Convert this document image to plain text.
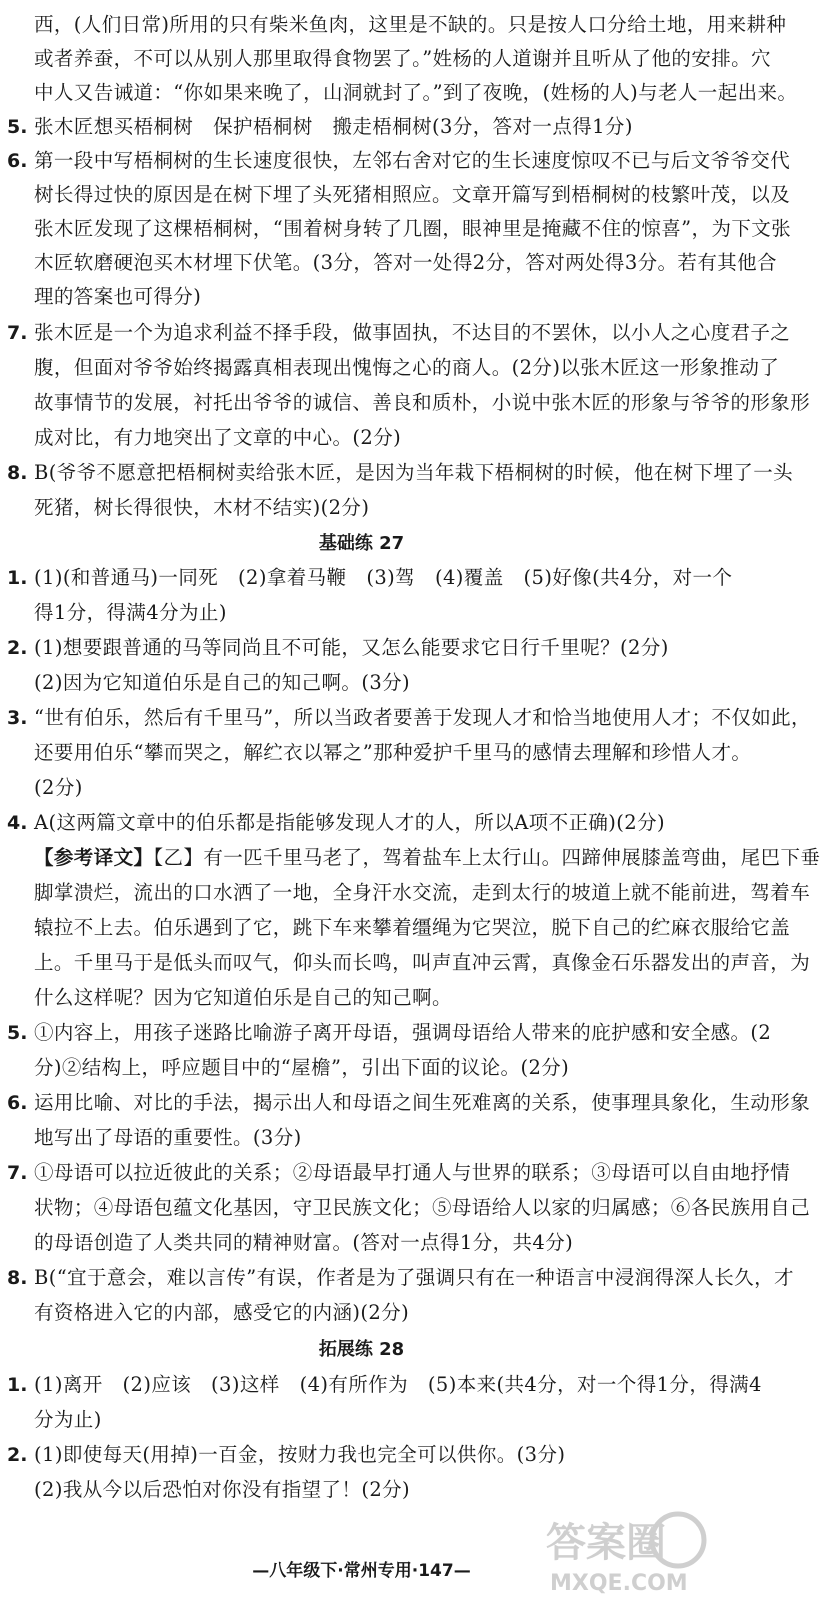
西，(人们日常)所用的只有柴米鱼肉，这里是不缺的。只是按人口分给土地，用来耕种
或者养蚕，不可以从别人那里取得食物罢了。”姓杨的人道谢并且听从了他的安排。穴
中人又告诫道：“你如果来晚了，山洞就封了。”到了夜晚，(姓杨的人)与老人一起出来。
5. 张木匠想买梧桐树　保护梧桐树　搬走梧桐树(3分，答对一点得1分)
6. 第一段中写梧桐树的生长速度很快，左邻右舍对它的生长速度惊叹不已与后文爷爷交代
树长得过快的原因是在树下埋了头死猪相照应。文章开篇写到梧桐树的枝繁叶茂，以及
张木匠发现了这棵梧桐树，“围着树身转了几圈，眼神里是掩藏不住的惊喜”，为下文张
木匠软磨硬泡买木材埋下伏笔。(3分，答对一处得2分，答对两处得3分。若有其他合
理的答案也可得分)
7. 张木匠是一个为追求利益不择手段，做事固执，不达目的不罢休，以小人之心度君子之
腹，但面对爷爷始终揭露真相表现出愧悔之心的商人。(2分)以张木匠这一形象推动了
故事情节的发展，衬托出爷爷的诚信、善良和质朴，小说中张木匠的形象与爷爷的形象形
成对比，有力地突出了文章的中心。(2分)
8. B(爷爷不愿意把梧桐树卖给张木匠，是因为当年栽下梧桐树的时候，他在树下埋了一头
死猪，树长得很快，木材不结实)(2分)
基础练 27
1. (1)(和普通马)一同死　(2)拿着马鞭　(3)驾　(4)覆盖　(5)好像(共4分，对一个
得1分，得满4分为止)
2. (1)想要跟普通的马等同尚且不可能，又怎么能要求它日行千里呢？(2分)
(2)因为它知道伯乐是自己的知己啊。(3分)
3. “世有伯乐，然后有千里马”，所以当政者要善于发现人才和恰当地使用人才；不仅如此，
还要用伯乐“攀而哭之，解纻衣以幂之”那种爱护千里马的感情去理解和珍惜人才。
(2分)
4. A(这两篇文章中的伯乐都是指能够发现人才的人，所以A项不正确)(2分)
【参考译文】【乙】有一匹千里马老了，驾着盐车上太行山。四蹄伸展膝盖弯曲，尾巴下垂
脚掌溃烂，流出的口水洒了一地，全身汗水交流，走到太行的坡道上就不能前进，驾着车
辕拉不上去。伯乐遇到了它，跳下车来攀着缰绳为它哭泣，脱下自己的纻麻衣服给它盖
上。千里马于是低头而叹气，仰头而长鸣，叫声直冲云霄，真像金石乐器发出的声音，为
什么这样呢？因为它知道伯乐是自己的知己啊。
5. ①内容上，用孩子迷路比喻游子离开母语，强调母语给人带来的庇护感和安全感。(2
分)②结构上，呼应题目中的“屋檐”，引出下面的议论。(2分)
6. 运用比喻、对比的手法，揭示出人和母语之间生死难离的关系，使事理具象化，生动形象
地写出了母语的重要性。(3分)
7. ①母语可以拉近彼此的关系；②母语最早打通人与世界的联系；③母语可以自由地抒情
状物；④母语包蕴文化基因，守卫民族文化；⑤母语给人以家的归属感；⑥各民族用自己
的母语创造了人类共同的精神财富。(答对一点得1分，共4分)
8. B(“宜于意会，难以言传”有误，作者是为了强调只有在一种语言中浸润得深人长久，才
有资格进入它的内部，感受它的内涵)(2分)
拓展练 28
1. (1)离开　(2)应该　(3)这样　(4)有所作为　(5)本来(共4分，对一个得1分，得满4
分为止)
2. (1)即使每天(用掉)一百金，按财力我也完全可以供你。(3分)
(2)我从今以后恐怕对你没有指望了！(2分)
—八年级下·常州专用·147—
答案圈
MXQE.COM
